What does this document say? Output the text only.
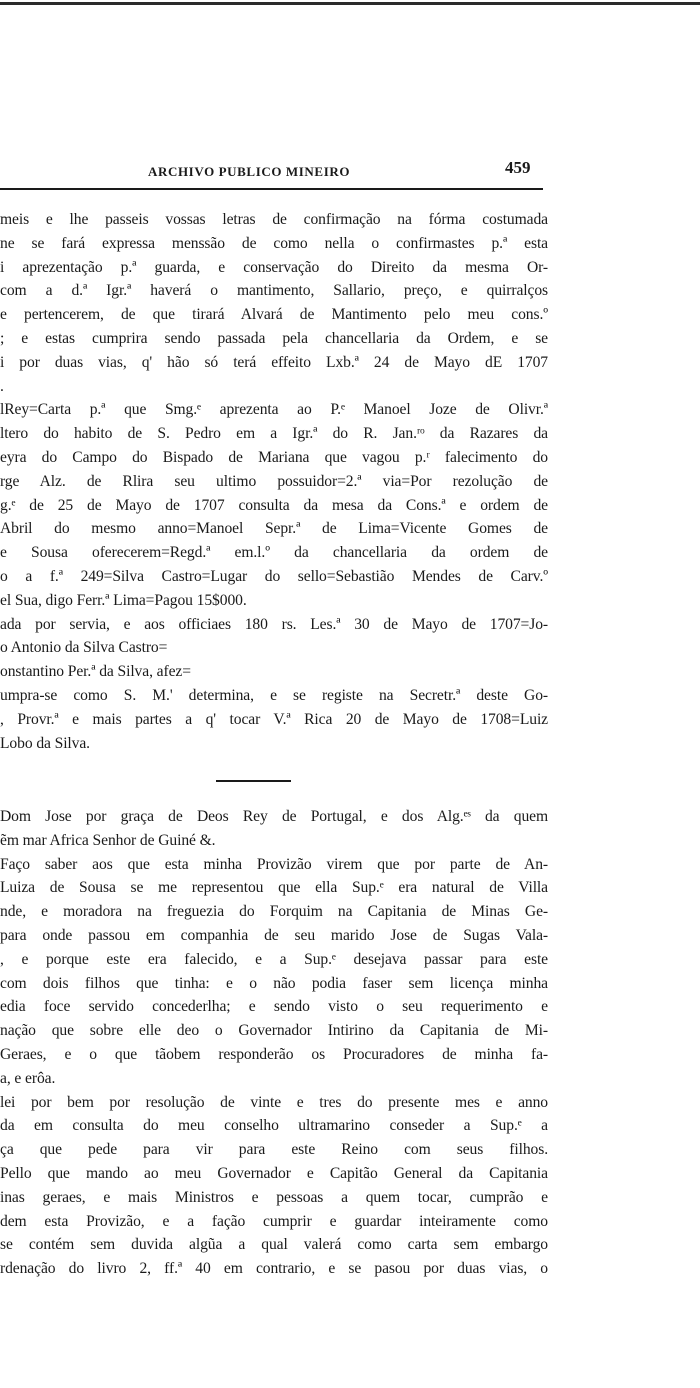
ARCHIVO PUBLICO MINEIRO	459
meis e lhe passeis vossas letras de confirmação na fórma costumada
ne se fará expressa menssão de como nella o confirmastes p.ª esta
i aprezentação p.ª guarda, e conservação do Direito da mesma Or-
com a d.ª Igr.ª haverá o mantimento, Sallario, preço, e quirralços
e pertencerem, de que tirará Alvará de Mantimento pelo meu cons.º
; e estas cumprira sendo passada pela chancellaria da Ordem, e se
i por duas vias, q' hão só terá effeito Lxb.ª 24 de Mayo dE 1707
.
lRey=Carta p.ª que Smg.ᵉ aprezenta ao P.ᵉ Manoel Joze de Olivr.ª
ltero do habito de S. Pedro em a Igr.ª do R. Jan.ʳᵒ da Razares da
eyra do Campo do Bispado de Mariana que vagou p.ʳ falecimento do
rge Alz. de Rlira seu ultimo possuidor=2.ª via=Por rezolução de
g.ᵉ de 25 de Mayo de 1707 consulta da mesa da Cons.ª e ordem de
Abril do mesmo anno=Manoel Sepr.ª de Lima=Vicente Gomes de
e Sousa oferecerem=Regd.ª em.l.º da chancellaria da ordem de
o a f.ª 249=Silva Castro=Lugar do sello=Sebastião Mendes de Carv.º
el Sua, digo Ferr.ª Lima=Pagou 15$000.
ada por servia, e aos officiaes 180 rs. Les.ª 30 de Mayo de 1707=Jo-
o Antonio da Silva Castro=
onstantino Per.ª da Silva, afez=
umpra-se como S. M.' determina, e se registe na Secretr.ª deste Go-
, Provr.ª e mais partes a q' tocar V.ª Rica 20 de Mayo de 1708=Luiz
Lobo da Silva.
Dom Jose por graça de Deos Rey de Portugal, e dos Alg.ᵉˢ da quem
ẽm mar Africa Senhor de Guiné &.
Faço saber aos que esta minha Provizão virem que por parte de An-
Luiza de Sousa se me representou que ella Sup.ᵉ era natural de Villa
nde, e moradora na freguezia do Forquim na Capitania de Minas Ge-
para onde passou em companhia de seu marido Jose de Sugas Vala-
, e porque este era falecido, e a Sup.ᵉ desejava passar para este
com dois filhos que tinha: e o não podia faser sem licença minha
edia foce servido concederlha; e sendo visto o seu requerimento e
nação que sobre elle deo o Governador Intirino da Capitania de Mi-
Geraes, e o que tãobem responderão os Procuradores de minha fa-
a, e erôa.
lei por bem por resolução de vinte e tres do presente mes e anno
da em consulta do meu conselho ultramarino conseder a Sup.ᵉ a
ça que pede para vir para este Reino com seus filhos.
Pello que mando ao meu Governador e Capitão General da Capitania
inas geraes, e mais Ministros e pessoas a quem tocar, cumprão e
dem esta Provizão, e a fação cumprir e guardar inteiramente como
se contém sem duvida algũa a qual valerá como carta sem embargo
rdenação do livro 2, ff.ª 40 em contrario, e se pasou por duas vias, o
